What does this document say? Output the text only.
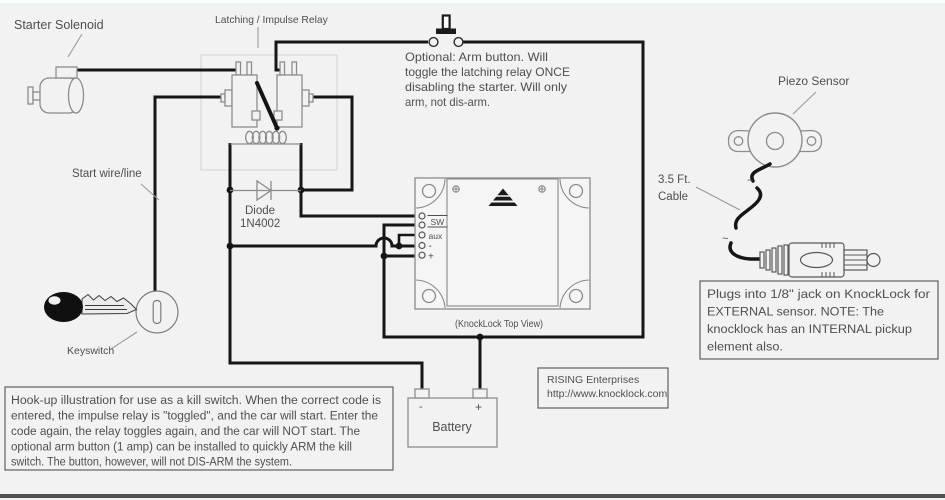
Starter Solenoid	Latching / Impulse Relay
Diode
1N4002
Optional: Arm button. Will
toggle the latching relay ONCE
disabling the starter. Will only
arm, not dis-arm.
Start wire/line
Keyswitch
SW
aux
-
+
(KnockLock Top View)
-	+
Battery
Piezo Sensor
~
~
3.5 Ft.
Cable
Plugs into 1/8" jack on KnockLock for
EXTERNAL sensor. NOTE: The
knocklock has an INTERNAL pickup
element also.
Hook-up illustration for use as a kill switch. When the correct code is
entered, the impulse relay is "toggled", and the car will start. Enter the
code again, the relay toggles again, and the car will NOT start. The
optional arm button (1 amp) can be installed to quickly ARM the kill
switch. The button, however, will not DIS-ARM the system.
RISING Enterprises
http://www.knocklock.com
